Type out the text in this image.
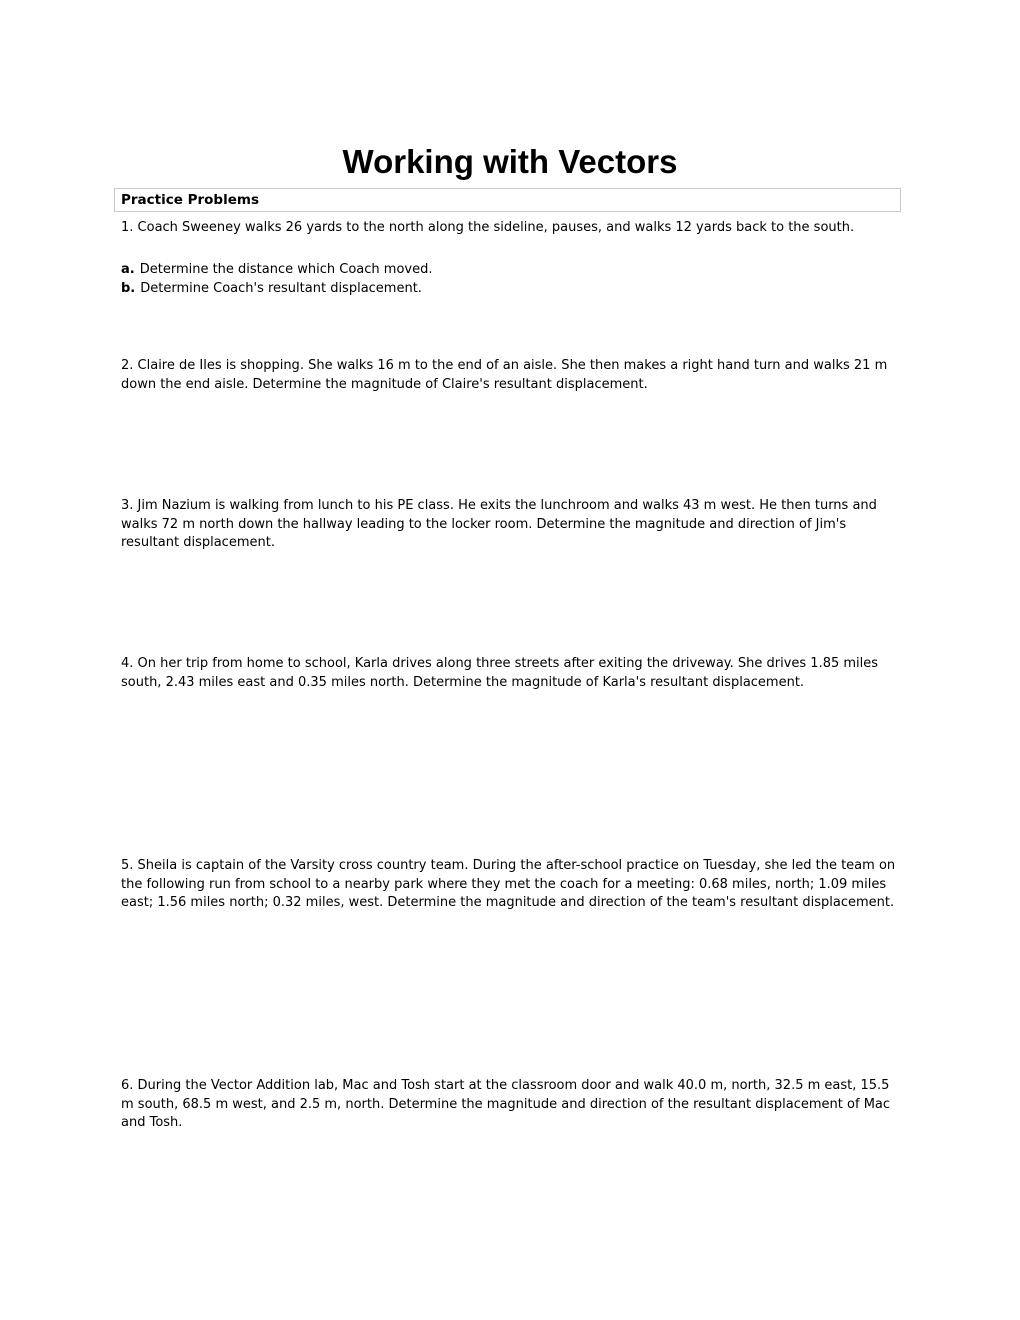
Working with Vectors
Practice Problems
1. Coach Sweeney walks 26 yards to the north along the sideline, pauses, and walks 12 yards back to the south.
a. Determine the distance which Coach moved.
b. Determine Coach's resultant displacement.
2. Claire de Iles is shopping. She walks 16 m to the end of an aisle. She then makes a right hand turn and walks 21 m down the end aisle. Determine the magnitude of Claire's resultant displacement.
3. Jim Nazium is walking from lunch to his PE class. He exits the lunchroom and walks 43 m west. He then turns and walks 72 m north down the hallway leading to the locker room. Determine the magnitude and direction of Jim's resultant displacement.
4. On her trip from home to school, Karla drives along three streets after exiting the driveway. She drives 1.85 miles south, 2.43 miles east and 0.35 miles north. Determine the magnitude of Karla's resultant displacement.
5. Sheila is captain of the Varsity cross country team. During the after-school practice on Tuesday, she led the team on the following run from school to a nearby park where they met the coach for a meeting: 0.68 miles, north; 1.09 miles east; 1.56 miles north; 0.32 miles, west. Determine the magnitude and direction of the team's resultant displacement.
6. During the Vector Addition lab, Mac and Tosh start at the classroom door and walk 40.0 m, north, 32.5 m east, 15.5 m south, 68.5 m west, and 2.5 m, north. Determine the magnitude and direction of the resultant displacement of Mac and Tosh.
